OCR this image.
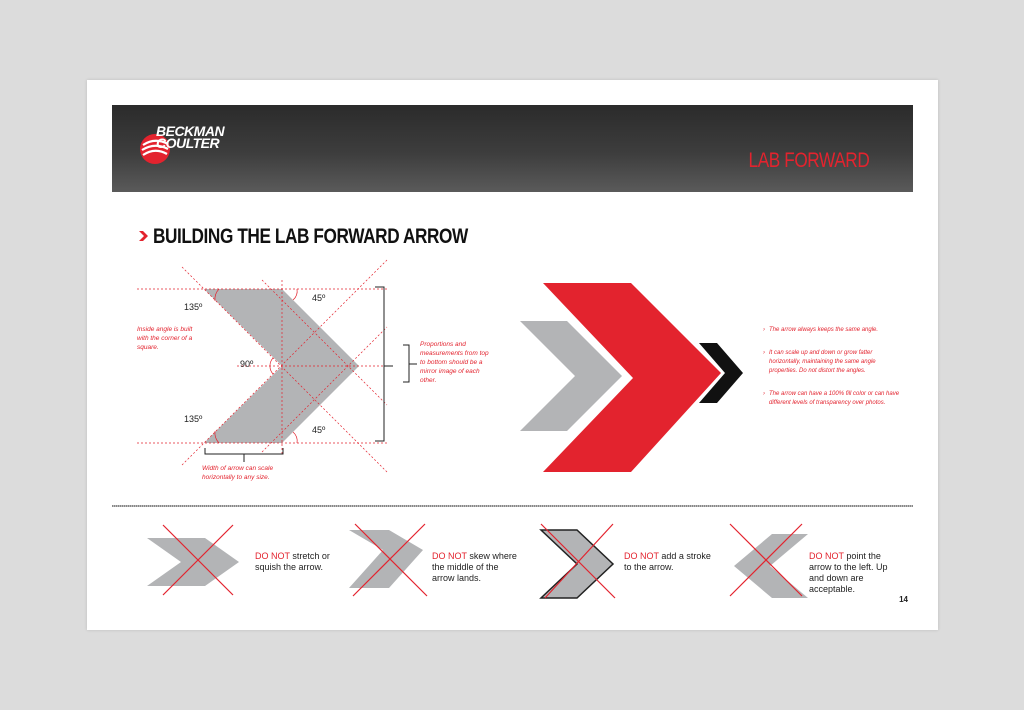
BECKMAN
COULTER
LAB FORWARD
BUILDING THE LAB FORWARD ARROW
135º
135º
45º
45º
90º
Inside angle is built with the corner of a square.	Proportions and measurements from top to bottom should be a mirror image of each other.
Width of arrow can scale horizontally to any size.
› The arrow always keeps the same angle.
› It can scale up and down or grow fatter horizontally, maintaining the same angle properties. Do not distort the angles.
› The arrow can have a 100% fill color or can have different levels of transparency over photos.
DO NOT stretch or squish the arrow.
DO NOT skew where the middle of the arrow lands.
DO NOT add a stroke to the arrow.
DO NOT point the arrow to the left. Up and down are acceptable.
14
